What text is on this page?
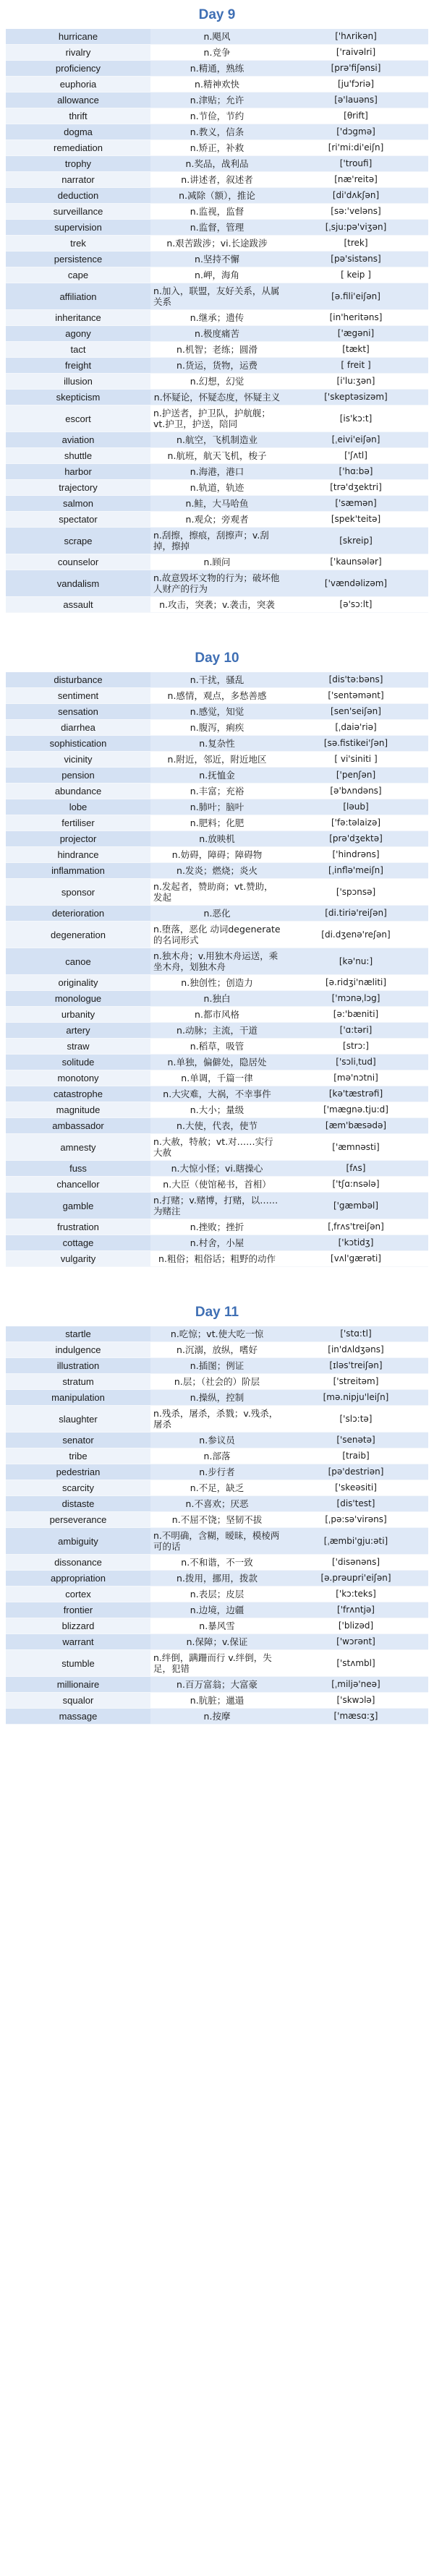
Day 9
hurricane	n.飓风	['hʌrikən]
rivalry	n.竞争	['raivəlri]
proficiency	n.精通，熟练	[prə'fiʃənsi]
euphoria	n.精神欢快	[ju'fɔriə]
allowance	n.津贴；允许	[ə'lauəns]
thrift	n.节俭，节约	[θrift]
dogma	n.教义，信条	['dɔgmə]
remediation	n.矫正，补救	[ri'mi:di'eiʃn]
trophy	n.奖品，战利品	['troufi]
narrator	n.讲述者，叙述者	[næ'reitə]
deduction	n.减除（额），推论	[di'dʌkʃən]
surveillance	n.监视，监督	[sə:'veləns]
supervision	n.监督，管理	[ˌsju:pə'viʒən]
trek	n.艰苦跋涉；vi.长途跋涉	[trek]
persistence	n.坚持不懈	[pə'sistəns]
cape	n.岬，海角	[ keip ]
affiliation	n.加入，联盟，友好关系，从属关系	[ə.fili'eiʃən]
inheritance	n.继承；遗传	[in'heritəns]
agony	n.极度痛苦	['ægəni]
tact	n.机智；老练；圆滑	[tækt]
freight	n.货运，货物，运费	[ freit ]
illusion	n.幻想，幻觉	[i'lu:ʒən]
skepticism	n.怀疑论，怀疑态度，怀疑主义	['skeptəsizəm]
escort	n.护送者，护卫队，护航舰；vt.护卫，护送，陪同	[is'kɔ:t]
aviation	n.航空，飞机制造业	[ˌeivi'eiʃən]
shuttle	n.航班，航天飞机，梭子	['ʃʌtl]
harbor	n.海港，港口	['hɑ:bə]
trajectory	n.轨道，轨迹	[trə'dʒektri]
salmon	n.鲑，大马哈鱼	['sæmən]
spectator	n.观众；旁观者	[spek'teitə]
scrape	n.刮擦，擦痕，刮擦声；v.刮掉，擦掉	[skreip]
counselor	n.顾问	['kaunsələr]
vandalism	n.故意毁坏文物的行为；破坏他人财产的行为	['vændəlizəm]
assault	n.攻击，突袭；v.袭击，突袭	[ə'sɔ:lt]
Day 10
disturbance	n.干扰，骚乱	[dis'tə:bəns]
sentiment	n.感情，观点，多愁善感	['sentəmənt]
sensation	n.感觉，知觉	[sen'seiʃən]
diarrhea	n.腹泻，痢疾	[ˌdaiə'riə]
sophistication	n.复杂性	[sə.fistikei'ʃən]
vicinity	n.附近，邻近，附近地区	[ vi'siniti ]
pension	n.抚恤金	['penʃən]
abundance	n.丰富；充裕	[ə'bʌndəns]
lobe	n.肺叶；脑叶	[ləub]
fertiliser	n.肥料；化肥	['fə:təlaizə]
projector	n.放映机	[prə'dʒektə]
hindrance	n.妨碍，障碍；障碍物	['hindrəns]
inflammation	n.发炎；燃烧；炎火	[ˌinflə'meiʃn]
sponsor	n.发起者，赞助商；vt.赞助，发起	['spɔnsə]
deterioration	n.恶化	[di.tiriə'reiʃən]
degeneration	n.堕落，恶化 动词degenerate的名词形式	[di.dʒenə'reʃən]
canoe	n.独木舟；v.用独木舟运送，乘坐木舟，划独木舟	[kə'nu:]
originality	n.独创性；创造力	[ə.ridʒi'næliti]
monologue	n.独白	['mɔnəˌlɔg]
urbanity	n.都市风格	[ə:'bæniti]
artery	n.动脉；主流，干道	['ɑ:təri]
straw	n.稻草，吸管	[strɔ:]
solitude	n.单独，偏僻处，隐居处	['sɔliˌtud]
monotony	n.单调，千篇一律	[mə'nɔtni]
catastrophe	n.大灾难，大祸，不幸事件	[kə'tæstrəfi]
magnitude	n.大小；量级	['mægnə.tju:d]
ambassador	n.大使，代表，使节	[æm'bæsədə]
amnesty	n.大赦，特赦；vt.对……实行大赦	['æmnəsti]
fuss	n.大惊小怪；vi.瞎操心	[fʌs]
chancellor	n.大臣（使馆秘书，首相）	['tʃɑ:nsələ]
gamble	n.打赌；v.赌博，打赌，以……为赌注	['gæmbəl]
frustration	n.挫败；挫折	[ˌfrʌs'treiʃən]
cottage	n.村舍，小屋	['kɔtidʒ]
vulgarity	n.粗俗；粗俗话；粗野的动作	[vʌl'gærəti]
Day 11
startle	n.吃惊；vt.使大吃一惊	['stɑ:tl]
indulgence	n.沉溺，放纵，嗜好	[in'dʌldʒəns]
illustration	n.插图；例证	[ɪləs'treiʃən]
stratum	n.层；（社会的）阶层	['streitəm]
manipulation	n.操纵，控制	[mə.nipju'leiʃn]
slaughter	n.残杀，屠杀，杀戮；v.残杀，屠杀	['slɔ:tə]
senator	n.参议员	['senətə]
tribe	n.部落	[traib]
pedestrian	n.步行者	[pə'destriən]
scarcity	n.不足，缺乏	['skeəsiti]
distaste	n.不喜欢；厌恶	[dis'test]
perseverance	n.不屈不饶；坚韧不拔	[ˌpə:sə'virəns]
ambiguity	n.不明确，含糊，暧昧，模棱两可的话	[ˌæmbi'gju:əti]
dissonance	n.不和谐，不一致	['disənəns]
appropriation	n.拨用，挪用，拨款	[ə.prəupri'eiʃən]
cortex	n.表层；皮层	['kɔ:teks]
frontier	n.边境，边疆	['frʌntjə]
blizzard	n.暴风雪	['blizəd]
warrant	n.保障；v.保证	['wɔrənt]
stumble	n.绊倒，蹒跚而行 v.绊倒，失足，犯错	['stʌmbl]
millionaire	n.百万富翁；大富豪	[ˌmiljə'neə]
squalor	n.肮脏；邋遢	['skwɔlə]
massage	n.按摩	['mæsɑ:ʒ]
